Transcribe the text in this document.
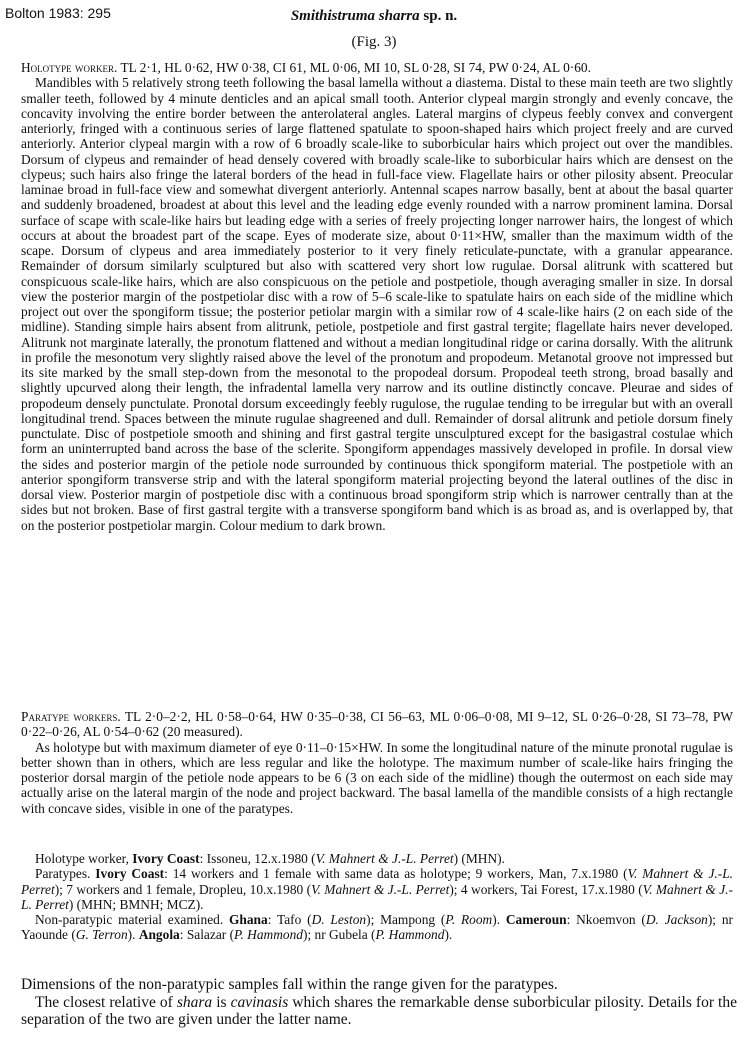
Bolton 1983: 295	Smithistruma sharra sp. n.
(Fig. 3)

Holotype worker. TL 2·1, HL 0·62, HW 0·38, CI 61, ML 0·06, MI 10, SL 0·28, SI 74, PW 0·24, AL 0·60.

Mandibles with 5 relatively strong teeth following the basal lamella without a diastema. Distal to these main teeth are two slightly smaller teeth, followed by 4 minute denticles and an apical small tooth. Anterior clypeal margin strongly and evenly concave, the concavity involving the entire border between the anterolateral angles. Lateral margins of clypeus feebly convex and convergent anteriorly, fringed with a continuous series of large flattened spatulate to spoon-shaped hairs which project freely and are curved anteriorly. Anterior clypeal margin with a row of 6 broadly scale-like to suborbicular hairs which project out over the mandibles. Dorsum of clypeus and remainder of head densely covered with broadly scale-like to suborbicular hairs which are densest on the clypeus; such hairs also fringe the lateral borders of the head in full-face view. Flagellate hairs or other pilosity absent. Preocular laminae broad in full-face view and somewhat divergent anteriorly. Antennal scapes narrow basally, bent at about the basal quarter and suddenly broadened, broadest at about this level and the leading edge evenly rounded with a narrow prominent lamina. Dorsal surface of scape with scale-like hairs but leading edge with a series of freely projecting longer narrower hairs, the longest of which occurs at about the broadest part of the scape. Eyes of moderate size, about 0·11×HW, smaller than the maximum width of the scape. Dorsum of clypeus and area immediately posterior to it very finely reticulate-punctate, with a granular appearance. Remainder of dorsum similarly sculptured but also with scattered very short low rugulae. Dorsal alitrunk with scattered but conspicuous scale-like hairs, which are also conspicuous on the petiole and postpetiole, though averaging smaller in size. In dorsal view the posterior margin of the postpetiolar disc with a row of 5–6 scale-like to spatulate hairs on each side of the midline which project out over the spongiform tissue; the posterior petiolar margin with a similar row of 4 scale-like hairs (2 on each side of the midline). Standing simple hairs absent from alitrunk, petiole, postpetiole and first gastral tergite; flagellate hairs never developed. Alitrunk not marginate laterally, the pronotum flattened and without a median longitudinal ridge or carina dorsally. With the alitrunk in profile the mesonotum very slightly raised above the level of the pronotum and propodeum. Metanotal groove not impressed but its site marked by the small step-down from the mesonotal to the propodeal dorsum. Propodeal teeth strong, broad basally and slightly upcurved along their length, the infradental lamella very narrow and its outline distinctly concave. Pleurae and sides of propodeum densely punctulate. Pronotal dorsum exceedingly feebly rugulose, the rugulae tending to be irregular but with an overall longitudinal trend. Spaces between the minute rugulae shagreened and dull. Remainder of dorsal alitrunk and petiole dorsum finely punctulate. Disc of postpetiole smooth and shining and first gastral tergite unsculptured except for the basigastral costulae which form an uninterrupted band across the base of the sclerite. Spongiform appendages massively developed in profile. In dorsal view the sides and posterior margin of the petiole node surrounded by continuous thick spongiform material. The postpetiole with an anterior spongiform transverse strip and with the lateral spongiform material projecting beyond the lateral outlines of the disc in dorsal view. Posterior margin of postpetiole disc with a continuous broad spongiform strip which is narrower centrally than at the sides but not broken. Base of first gastral tergite with a transverse spongiform band which is as broad as, and is overlapped by, that on the posterior postpetiolar margin. Colour medium to dark brown.

Paratype workers. TL 2·0–2·2, HL 0·58–0·64, HW 0·35–0·38, CI 56–63, ML 0·06–0·08, MI 9–12, SL 0·26–0·28, SI 73–78, PW 0·22–0·26, AL 0·54–0·62 (20 measured).

As holotype but with maximum diameter of eye 0·11–0·15×HW. In some the longitudinal nature of the minute pronotal rugulae is better shown than in others, which are less regular and like the holotype. The maximum number of scale-like hairs fringing the posterior dorsal margin of the petiole node appears to be 6 (3 on each side of the midline) though the outermost on each side may actually arise on the lateral margin of the node and project backward. The basal lamella of the mandible consists of a high rectangle with concave sides, visible in one of the paratypes.

Holotype worker, Ivory Coast: Issoneu, 12.x.1980 (V. Mahnert & J.-L. Perret) (MHN).

Paratypes. Ivory Coast: 14 workers and 1 female with same data as holotype; 9 workers, Man, 7.x.1980 (V. Mahnert & J.-L. Perret); 7 workers and 1 female, Dropleu, 10.x.1980 (V. Mahnert & J.-L. Perret); 4 workers, Tai Forest, 17.x.1980 (V. Mahnert & J.-L. Perret) (MHN; BMNH; MCZ).

Non-paratypic material examined. Ghana: Tafo (D. Leston); Mampong (P. Room). Cameroun: Nkoemvon (D. Jackson); nr Yaounde (G. Terron). Angola: Salazar (P. Hammond); nr Gubela (P. Hammond).

Dimensions of the non-paratypic samples fall within the range given for the paratypes.

The closest relative of shara is cavinasis which shares the remarkable dense suborbicular pilosity. Details for the separation of the two are given under the latter name.
